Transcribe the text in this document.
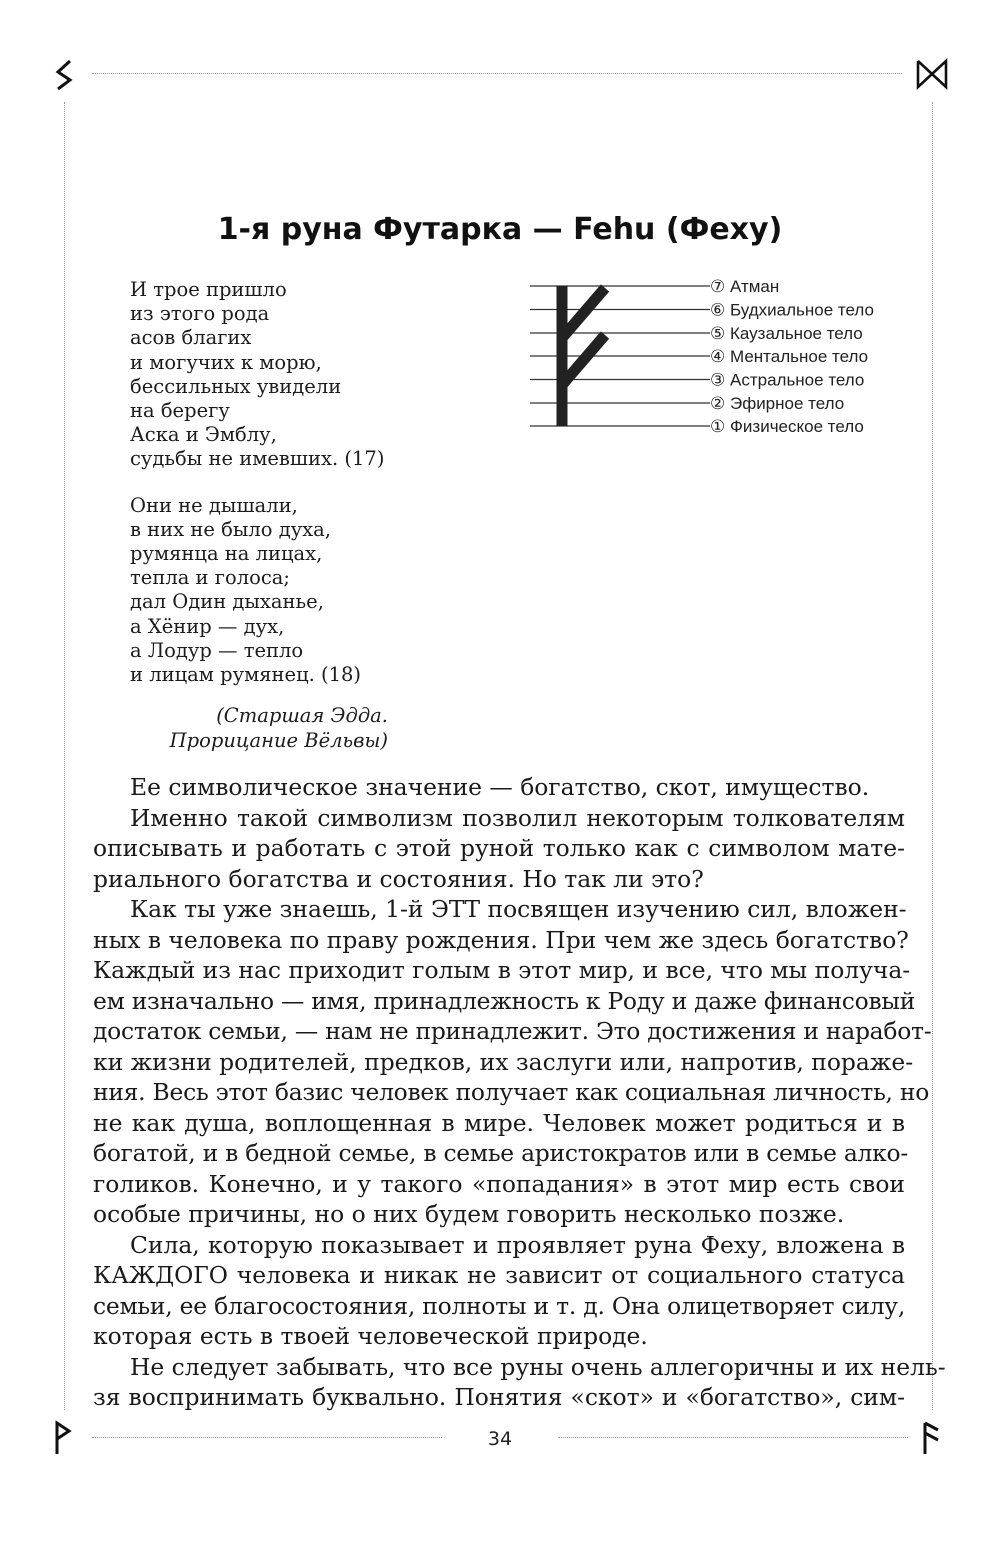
1-я руна Футарка — Fehu (Феху)
И трое пришло
из этого рода
асов благих
и могучих к морю,
бессильных увидели
на берегу
Аска и Эмблу,
судьбы не имевших. (17)
Они не дышали,
в них не было духа,
румянца на лицах,
тепла и голоса;
дал Один дыханье,
а Хёнир — дух,
а Лодур — тепло
и лицам румянец. (18)
(Старшая Эдда.
Прорицание Вёльвы)
⑦ Атман
⑥ Будхиальное тело
⑤ Каузальное тело
④ Ментальное тело
③ Астральное тело
② Эфирное тело
① Физическое тело
Ее символическое значение — богатство, скот, имущество.
Именно такой символизм позволил некоторым толкователям
описывать и работать с этой руной только как с символом мате-
риального богатства и состояния. Но так ли это?
Как ты уже знаешь, 1-й ЭТТ посвящен изучению сил, вложен-
ных в человека по праву рождения. При чем же здесь богатство?
Каждый из нас приходит голым в этот мир, и все, что мы получа-
ем изначально — имя, принадлежность к Роду и даже финансовый
достаток семьи, — нам не принадлежит. Это достижения и наработ-
ки жизни родителей, предков, их заслуги или, напротив, пораже-
ния. Весь этот базис человек получает как социальная личность, но
не как душа, воплощенная в мире. Человек может родиться и в
богатой, и в бедной семье, в семье аристократов или в семье алко-
голиков. Конечно, и у такого «попадания» в этот мир есть свои
особые причины, но о них будем говорить несколько позже.
Сила, которую показывает и проявляет руна Феху, вложена в
КАЖДОГО человека и никак не зависит от социального статуса
семьи, ее благосостояния, полноты и т. д. Она олицетворяет силу,
которая есть в твоей человеческой природе.
Не следует забывать, что все руны очень аллегоричны и их нель-
зя воспринимать буквально. Понятия «скот» и «богатство», сим-
34
